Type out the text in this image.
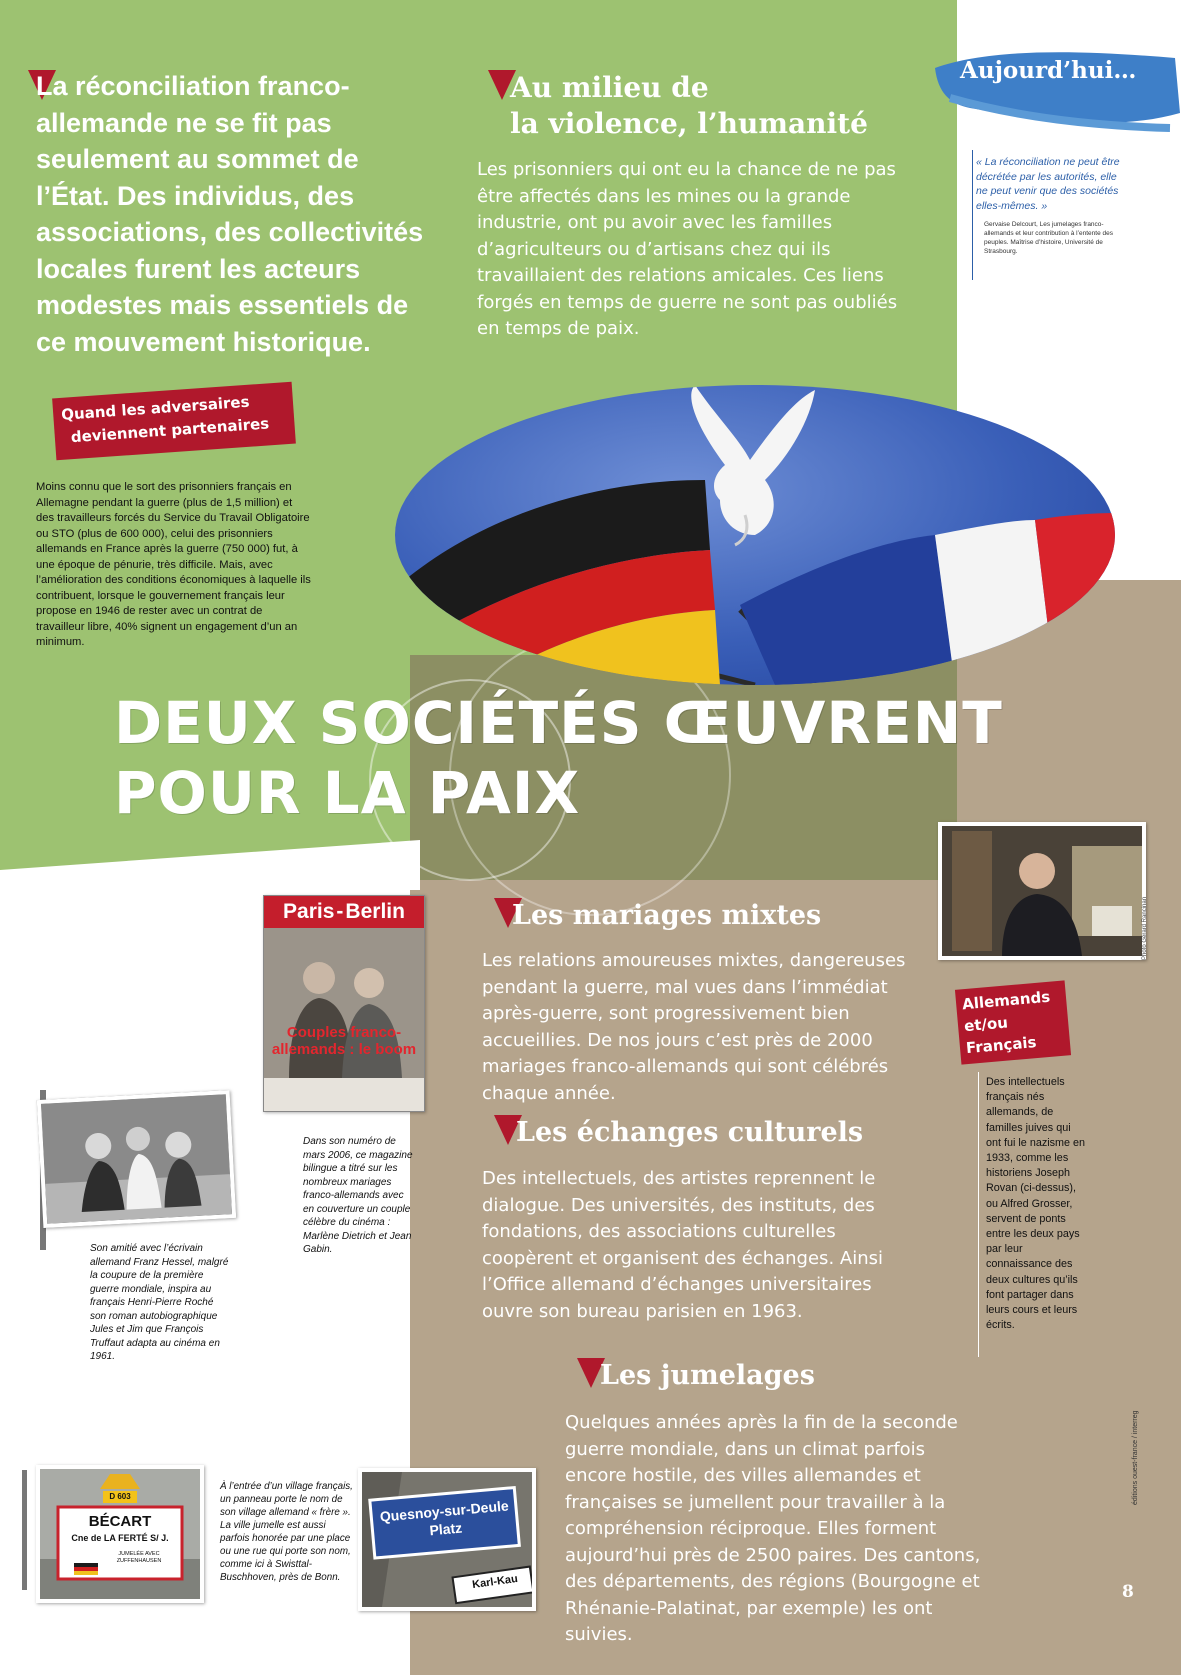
La réconciliation franco-allemande ne se fit pas seulement au sommet de l’État. Des individus, des associations, des collectivités locales furent les acteurs modestes mais essentiels de ce mouvement historique.

Au milieu de

la violence, l’humanité

Les prisonniers qui ont eu la chance de ne pas être affectés dans les mines ou la grande industrie, ont pu avoir avec les familles d’agriculteurs ou d’artisans chez qui ils travaillaient des relations amicales. Ces liens forgés en temps de guerre ne sont pas oubliés en temps de paix.

Aujourd’hui…

« La réconciliation ne peut être décrétée par les autorités, elle ne peut venir que des sociétés elles-mêmes. »

Gervaise Delcourt, Les jumelages franco-allemands et leur contribution à l’entente des peuples. Maîtrise d’histoire, Université de Strasbourg.

Quand les adversaires
deviennent partenaires

Moins connu que le sort des prisonniers français en Allemagne pendant la guerre (plus de 1,5 million) et des travailleurs forcés du Service du Travail Obligatoire ou STO (plus de 600 000), celui des prisonniers allemands en France après la guerre (750 000) fut, à une époque de pénurie, très difficile. Mais, avec l’amélioration des conditions économiques à laquelle ils contribuent, lorsque le gouvernement français leur propose en 1946 de rester avec un contrat de travailleur libre, 40% signent un engagement d’un an minimum.

DEUX SOCIÉTÉS ŒUVRENT

POUR LA PAIX

Photo Gérard Rancinan

Les mariages mixtes

Les relations amoureuses mixtes, dangereuses pendant la guerre, mal vues dans l’immédiat après-guerre, sont progressivement bien accueillies. De nos jours c’est près de 2000 mariages franco-allemands qui sont célébrés chaque année.

Allemands
et/ou
Français

Des intellectuels français nés allemands, de familles juives qui ont fui le nazisme en 1933, comme les historiens Joseph Rovan (ci-dessus), ou Alfred Grosser, servent de ponts entre les deux pays par leur connaissance des deux cultures qu’ils font partager dans leurs cours et leurs écrits.

Paris - Berlin
Couples franco-allemands : le boom

Dans son numéro de mars 2006, ce magazine bilingue a titré sur les nombreux mariages franco-allemands avec en couverture un couple célèbre du cinéma : Marlène Dietrich et Jean Gabin.

Son amitié avec l’écrivain allemand Franz Hessel, malgré la coupure de la première guerre mondiale, inspira au français Henri-Pierre Roché son roman autobiographique Jules et Jim que François Truffaut adapta au cinéma en 1961.

Les échanges culturels

Des intellectuels, des artistes reprennent le dialogue. Des universités, des instituts, des fondations, des associations culturelles coopèrent et organisent des échanges. Ainsi l’Office allemand d’échanges universitaires ouvre son bureau parisien en 1963.

Les jumelages

Quelques années après la fin de la seconde guerre mondiale, dans un climat parfois encore hostile, des villes allemandes et françaises se jumellent pour travailler à la compréhension réciproque. Elles forment aujourd’hui près de 2500 paires. Des cantons, des départements, des régions (Bourgogne et Rhénanie-Palatinat, par exemple) les ont suivies.

D 603
BÉCART
Cne de LA FERTÉ S/ J.
JUMELÉE AVEC ZUFFENHAUSEN

À l’entrée d’un village français, un panneau porte le nom de son village allemand « frère ». La ville jumelle est aussi parfois honorée par une place ou une rue qui porte son nom, comme ici à Swisttal-Buschhoven, près de Bonn.

Quesnoy-sur-Deule Platz
Karl-Kau
éditions ouest-france / interreg
8
